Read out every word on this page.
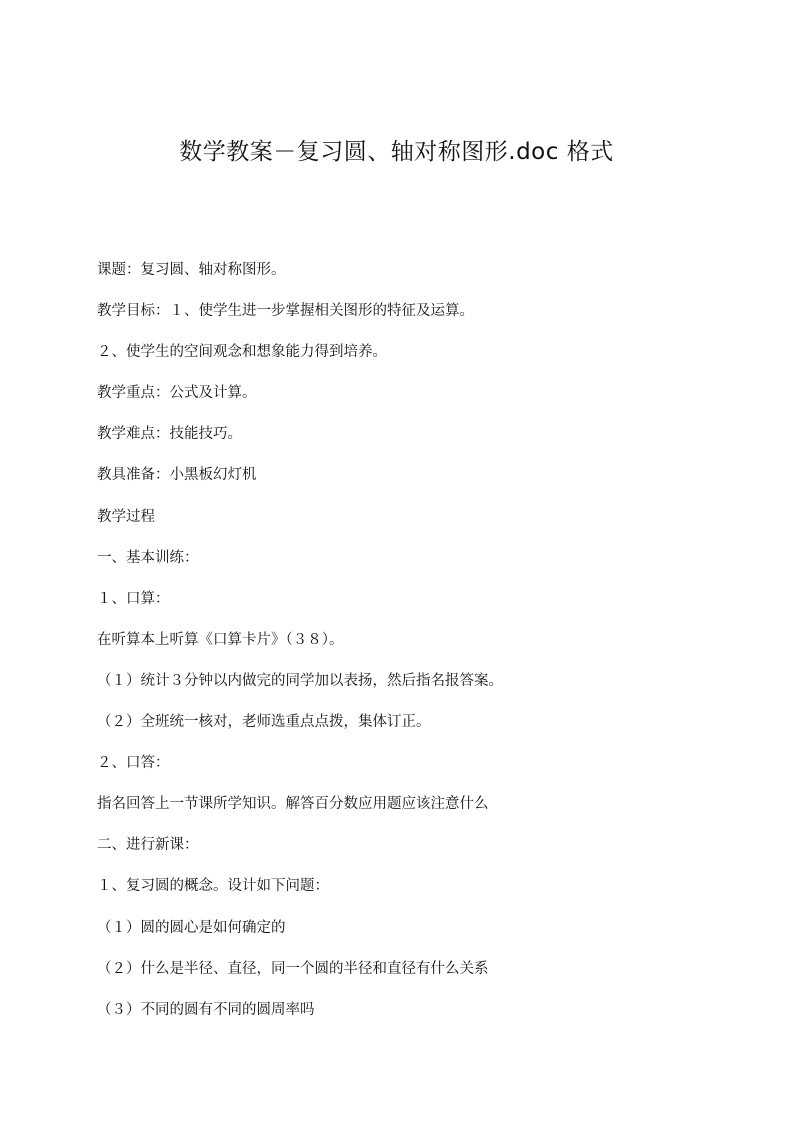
数学教案－复习圆、轴对称图形.doc 格式

课题：复习圆、轴对称图形。

教学目标：１、使学生进一步掌握相关图形的特征及运算。

２、使学生的空间观念和想象能力得到培养。

教学重点：公式及计算。

教学难点：技能技巧。

教具准备：小黑板幻灯机

教学过程

一、基本训练：

１、口算：

在听算本上听算《口算卡片》（３８）。

（１）统计３分钟以内做完的同学加以表扬，然后指名报答案。

（２）全班统一核对，老师选重点点拨，集体订正。

２、口答：

指名回答上一节课所学知识。解答百分数应用题应该注意什么

二、进行新课：

１、复习圆的概念。设计如下问题：

（１）圆的圆心是如何确定的

（２）什么是半径、直径，同一个圆的半径和直径有什么关系

（３）不同的圆有不同的圆周率吗
